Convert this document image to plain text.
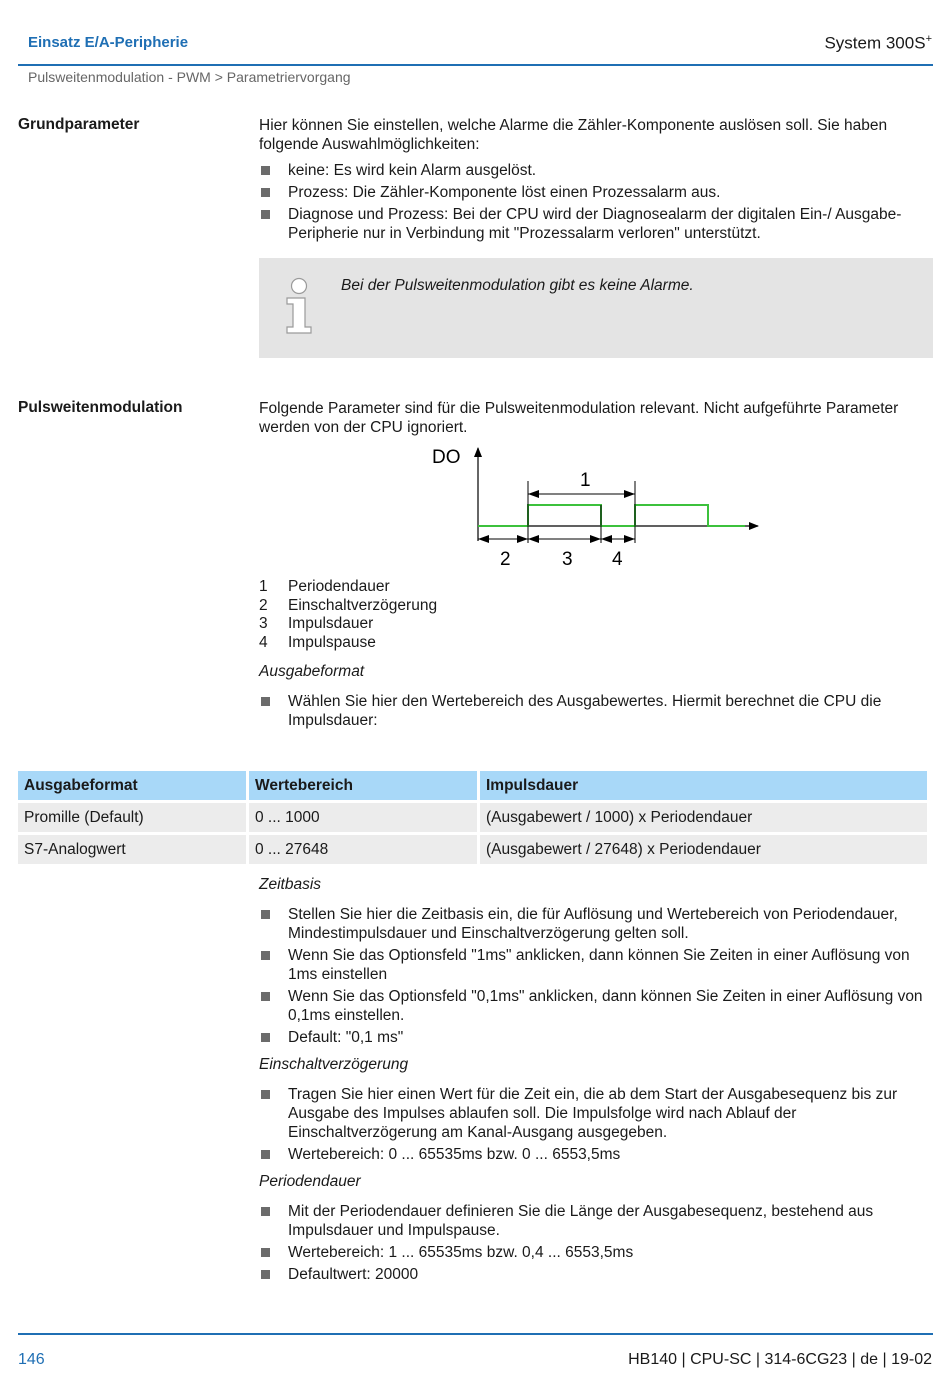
Einsatz E/A-Peripherie	System 300S+
Pulsweitenmodulation - PWM > Parametriervorgang
Grundparameter	Hier können Sie einstellen, welche Alarme die Zähler-Komponente auslösen soll. Sie haben folgende Auswahlmöglichkeiten:
keine: Es wird kein Alarm ausgelöst.
Prozess: Die Zähler-Komponente löst einen Prozessalarm aus.
Diagnose und Prozess: Bei der CPU wird der Diagnosealarm der digitalen Ein-/ Ausgabe-Peripherie nur in Verbindung mit "Prozessalarm verloren" unterstützt.
Bei der Pulsweitenmodulation gibt es keine Alarme.
Pulsweitenmodulation	Folgende Parameter sind für die Pulsweitenmodulation relevant. Nicht aufgeführte Parameter werden von der CPU ignoriert.
DO
1
2	3 4
1 Periodendauer
2 Einschaltverzögerung
3 Impulsdauer
4 Impulspause
Ausgabeformat
Wählen Sie hier den Wertebereich des Ausgabewertes. Hiermit berechnet die CPU die Impulsdauer:
Ausgabeformat	Wertebereich	Impulsdauer
Promille (Default)	0 ... 1000	(Ausgabewert / 1000) x Periodendauer
S7-Analogwert	0 ... 27648	(Ausgabewert / 27648) x Periodendauer
Zeitbasis
Stellen Sie hier die Zeitbasis ein, die für Auflösung und Wertebereich von Periodendauer, Mindestimpulsdauer und Einschaltverzögerung gelten soll.
Wenn Sie das Optionsfeld "1ms" anklicken, dann können Sie Zeiten in einer Auflösung von 1ms einstellen
Wenn Sie das Optionsfeld "0,1ms" anklicken, dann können Sie Zeiten in einer Auflösung von 0,1ms einstellen.
Default: "0,1 ms"
Einschaltverzögerung
Tragen Sie hier einen Wert für die Zeit ein, die ab dem Start der Ausgabesequenz bis zur Ausgabe des Impulses ablaufen soll. Die Impulsfolge wird nach Ablauf der Einschaltverzögerung am Kanal-Ausgang ausgegeben.
Wertebereich: 0 ... 65535ms bzw. 0 ... 6553,5ms
Periodendauer
Mit der Periodendauer definieren Sie die Länge der Ausgabesequenz, bestehend aus Impulsdauer und Impulspause.
Wertebereich: 1 ... 65535ms bzw. 0,4 ... 6553,5ms
Defaultwert: 20000
146	HB140 | CPU-SC | 314-6CG23 | de | 19-02
